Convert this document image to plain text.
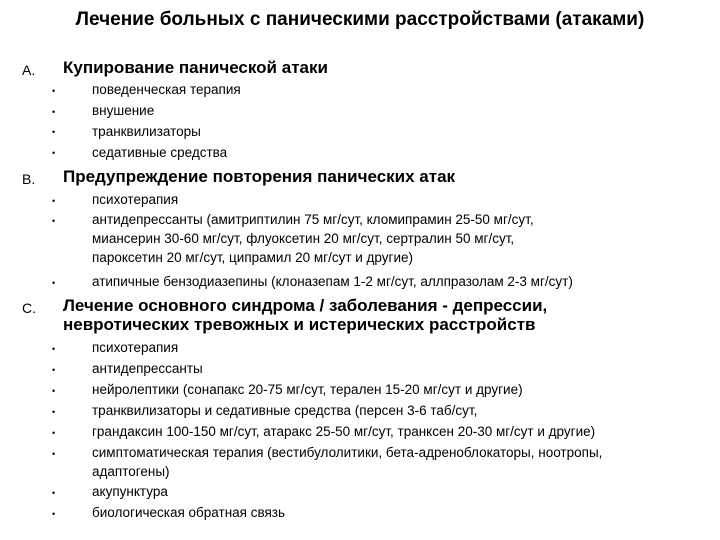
Лечение больных с паническими расстройствами (атаками)
А. Купирование панической атаки
•	поведенческая терапия
•	внушение
•	транквилизаторы
•	седативные средства
В. Предупреждение повторения панических атак
•	психотерапия
•	антидепрессанты (амитриптилин 75 мг/сут, кломипрамин 25-50 мг/сут,
миансерин 30-60 мг/сут, флуоксетин 20 мг/сут, сертралин 50 мг/сут,
пароксетин 20 мг/сут, ципрамил 20 мг/сут и другие)
•	атипичные бензодиазепины (клоназепам 1-2 мг/сут, аллпразолам 2-3 мг/сут)
С. Лечение основного синдрома / заболевания - депрессии,
невротических тревожных и истерических расстройств
•	психотерапия
•	антидепрессанты
•	нейролептики (сонапакс 20-75 мг/сут, терален 15-20 мг/сут и другие)
•	транквилизаторы и седативные средства (персен 3-6 таб/сут,
•	грандаксин 100-150 мг/сут, атаракс 25-50 мг/сут, транксен 20-30 мг/сут и другие)
•	симптоматическая терапия (вестибулолитики, бета-адреноблокаторы, ноотропы,
адаптогены)
•	акупунктура
•	биологическая обратная связь
